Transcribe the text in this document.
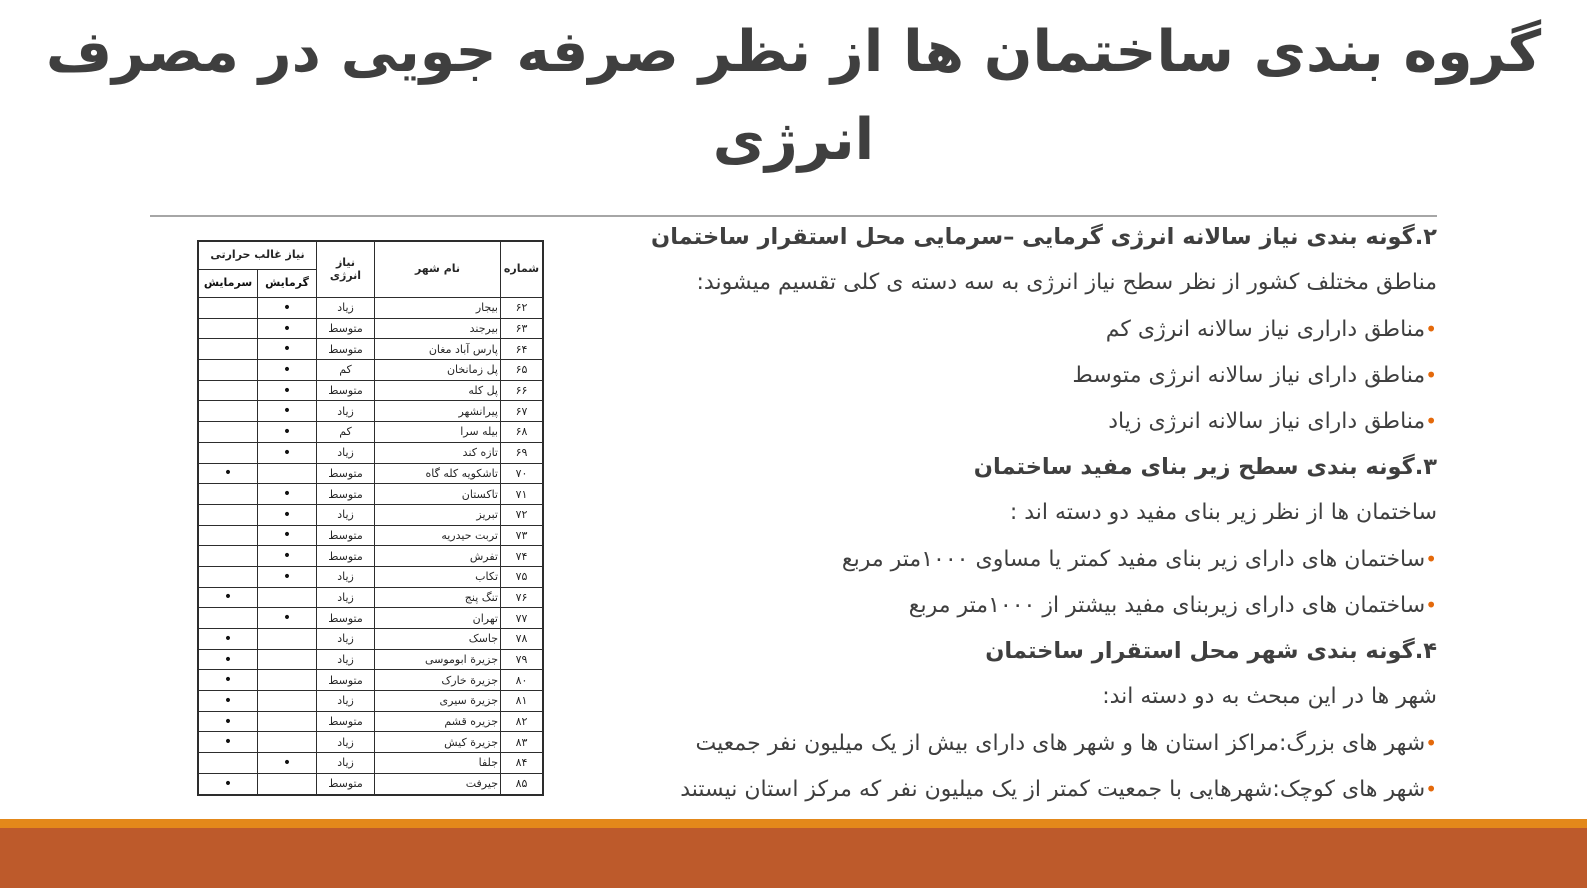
گروه بندی ساختمان ها از نظر صرفه جویی در مصرف انرژی
شماره	نام شهر	نیاز انرژی	نیاز غالب حرارتی	
			گرمایش	سرمایش
۶۲	بیجار	زیاد	•	
۶۳	بیرجند	متوسط	•	
۶۴	پارس آباد مغان	متوسط	•	
۶۵	پل زمانخان	کم	•	
۶۶	پل کله	متوسط	•	
۶۷	پیرانشهر	زیاد	•	
۶۸	بیله سرا	کم	•	
۶۹	تازه کند	زیاد	•	
۷۰	تاشکویه کله گاه	متوسط		•
۷۱	تاکستان	متوسط	•	
۷۲	تبریز	زیاد	•	
۷۳	تربت حیدریه	متوسط	•	
۷۴	تفرش	متوسط	•	
۷۵	تکاب	زیاد	•	
۷۶	تنگ پنج	زیاد		•
۷۷	تهران	متوسط	•	
۷۸	جاسک	زیاد		•
۷۹	جزیرة ابوموسی	زیاد		•
۸۰	جزیرة خارک	متوسط		•
۸۱	جزیرة سیری	زیاد		•
۸۲	جزیره قشم	متوسط		•
۸۳	جزیرة کیش	زیاد		•
۸۴	جلفا	زیاد	•	
۸۵	جیرفت	متوسط		•
۲.گونه بندی نیاز سالانه انرژی گرمایی –سرمایی محل استقرار ساختمان
مناطق مختلف کشور از نظر سطح نیاز انرژی به سه دسته ی کلی تقسیم میشوند:
•مناطق داراری نیاز سالانه انرژی کم
•مناطق دارای نیاز سالانه انرژی متوسط
•مناطق دارای نیاز سالانه انرژی زیاد
۳.گونه بندی سطح زیر بنای مفید ساختمان
ساختمان ها از نظر زیر بنای مفید دو دسته اند :
•ساختمان های دارای زیر بنای مفید کمتر یا مساوی ۱۰۰۰متر مربع
•ساختمان های دارای زیربنای مفید بیشتر از ۱۰۰۰متر مربع
۴.گونه بندی شهر محل استقرار ساختمان
شهر ها در این مبحث به دو دسته اند:
•شهر های بزرگ:مراکز استان ها و شهر های دارای بیش از یک میلیون نفر جمعیت
•شهر های کوچک:شهرهایی با جمعیت کمتر از یک میلیون نفر که مرکز استان نیستند
